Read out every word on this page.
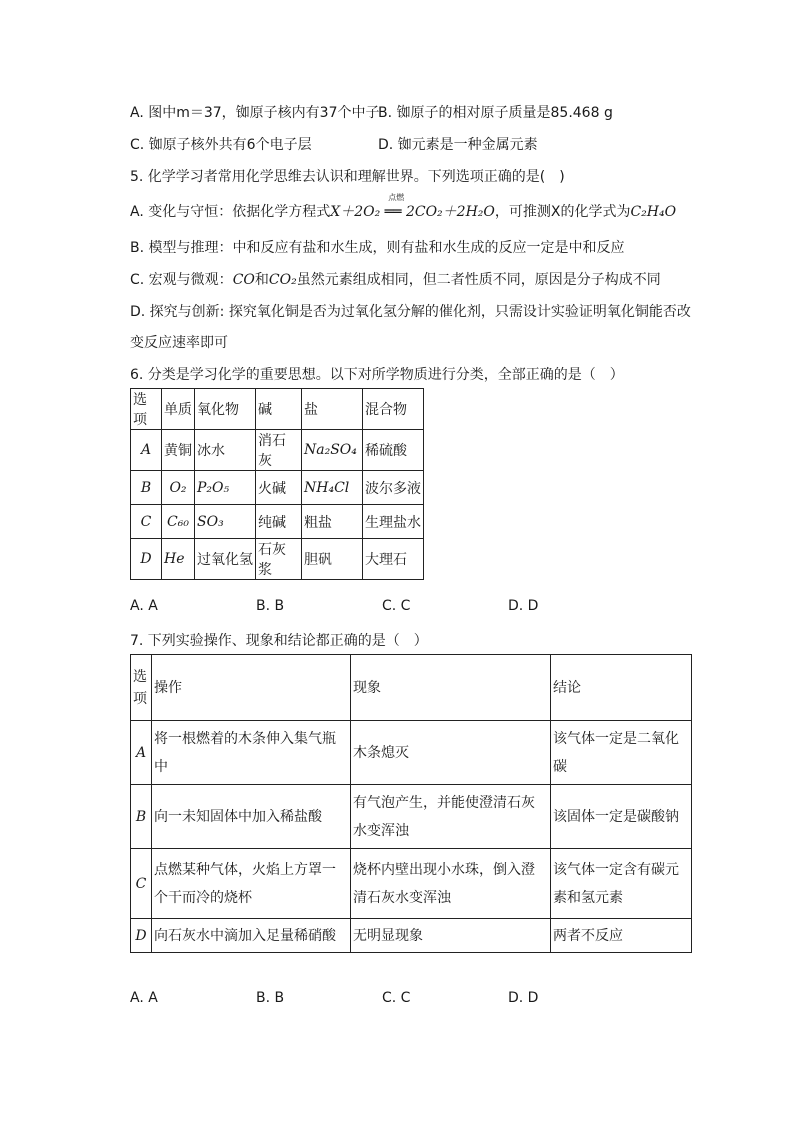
A. 图中m＝37，铷原子核内有37个中子
B. 铷原子的相对原子质量是85.468 g
C. 铷原子核外共有6个电子层	D. 铷元素是一种金属元素
5. 化学学习者常用化学思维去认识和理解世界。下列选项正确的是(　)
A. 变化与守恒：依据化学方程式
点燃
X＋2O₂ ══ 2CO₂＋2H₂O，可推测X的化学式为C₂H₄O
B. 模型与推理：中和反应有盐和水生成，则有盐和水生成的反应一定是中和反应
C. 宏观与微观：CO和CO₂虽然元素组成相同，但二者性质不同，原因是分子构成不同
D. 探究与创新: 探究氧化铜是否为过氧化氢分解的催化剂，只需设计实验证明氧化铜能否改
变反应速率即可
6. 分类是学习化学的重要思想。以下对所学物质进行分类，全部正确的是（　）
选项	单质	氧化物	碱	盐	混合物
A	黄铜	冰水	消石灰	Na₂SO₄	稀硫酸
B	O₂	P₂O₅	火碱	NH₄Cl	波尔多液
C	C₆₀	SO₃	纯碱	粗盐	生理盐水
D	He	过氧化氢	石灰浆	胆矾	大理石
A. A	B. B	C. C	D. D
7. 下列实验操作、现象和结论都正确的是（　）
选项	操作	现象	结论
A	将一根燃着的木条伸入集气瓶中	木条熄灭	该气体一定是二氧化碳
B	向一未知固体中加入稀盐酸	有气泡产生，并能使澄清石灰水变浑浊	该固体一定是碳酸钠
C	点燃某种气体，火焰上方罩一个干而冷的烧杯	烧杯内壁出现小水珠，倒入澄清石灰水变浑浊	该气体一定含有碳元素和氢元素
D	向石灰水中滴加入足量稀硝酸	无明显现象	两者不反应
A. A	B. B	C. C	D. D
